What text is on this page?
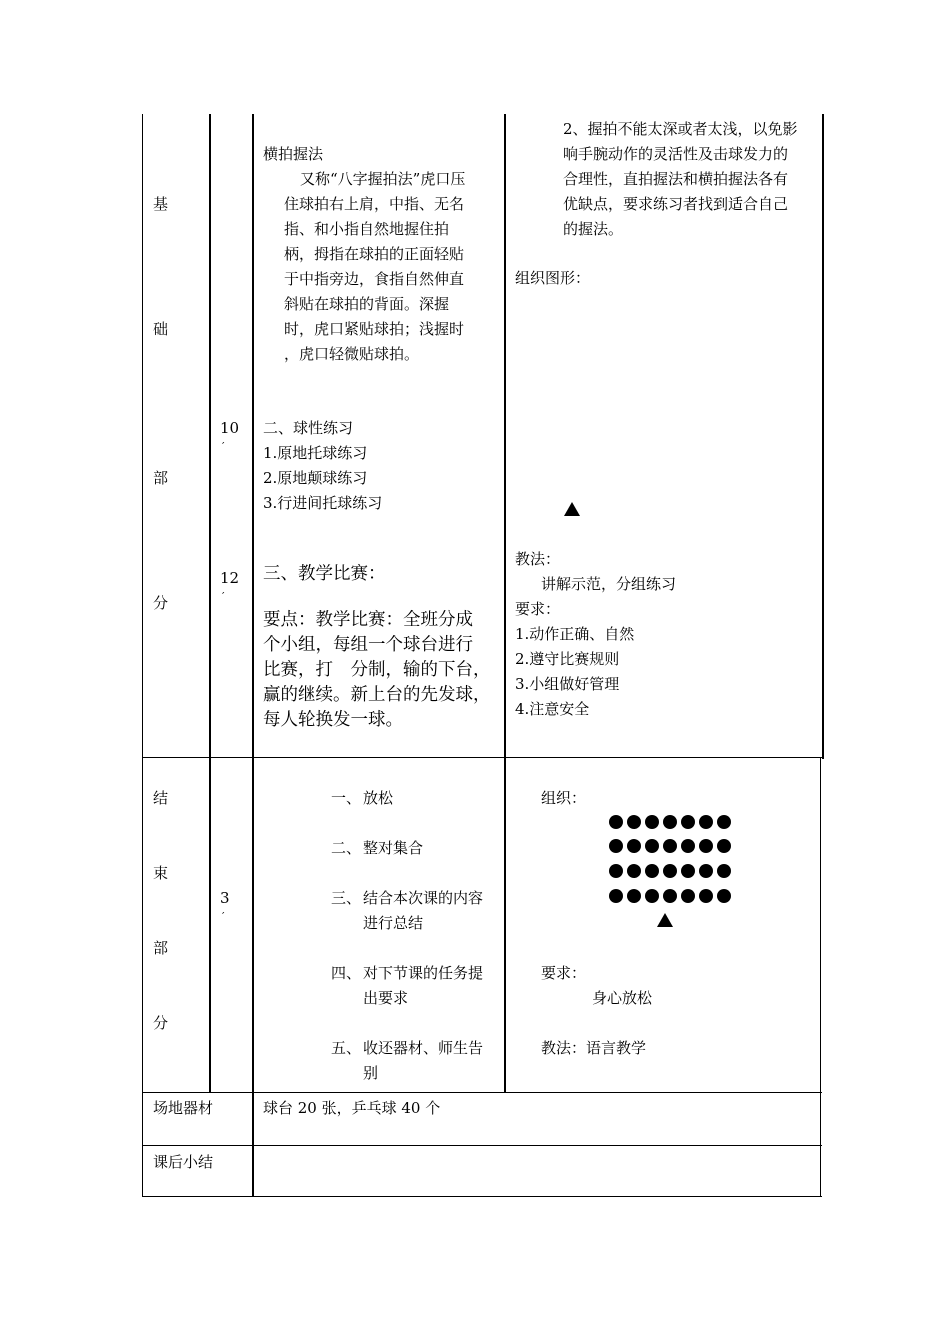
基
础
部
分
10
′
12
′
横拍握法
又称“八字握拍法”虎口压
住球拍右上肩，中指、无名
指、和小指自然地握住拍
柄，拇指在球拍的正面轻贴
于中指旁边，食指自然伸直
斜贴在球拍的背面。深握
时，虎口紧贴球拍；浅握时
，虎口轻微贴球拍。
二、球性练习
1.原地托球练习
2.原地颠球练习
3.行进间托球练习
三、教学比赛：
要点：教学比赛：全班分成
个小组，每组一个球台进行
比赛，打　分制，输的下台，
赢的继续。新上台的先发球，
每人轮换发一球。
2、握拍不能太深或者太浅，以免影
响手腕动作的灵活性及击球发力的
合理性，直拍握法和横拍握法各有
优缺点，要求练习者找到适合自己
的握法。
组织图形：
教法：
讲解示范，分组练习
要求：
1.动作正确、自然
2.遵守比赛规则
3.小组做好管理
4.注意安全
结
束
部
分
3
′
一、 放松
二、 整对集合
三、 结合本次课的内容
进行总结
四、 对下节课的任务提
出要求
五、 收还器材、师生告
别
组织：
要求：
身心放松
教法：语言教学
场地器材	球台 20 张，乒乓球 40 个
课后小结
